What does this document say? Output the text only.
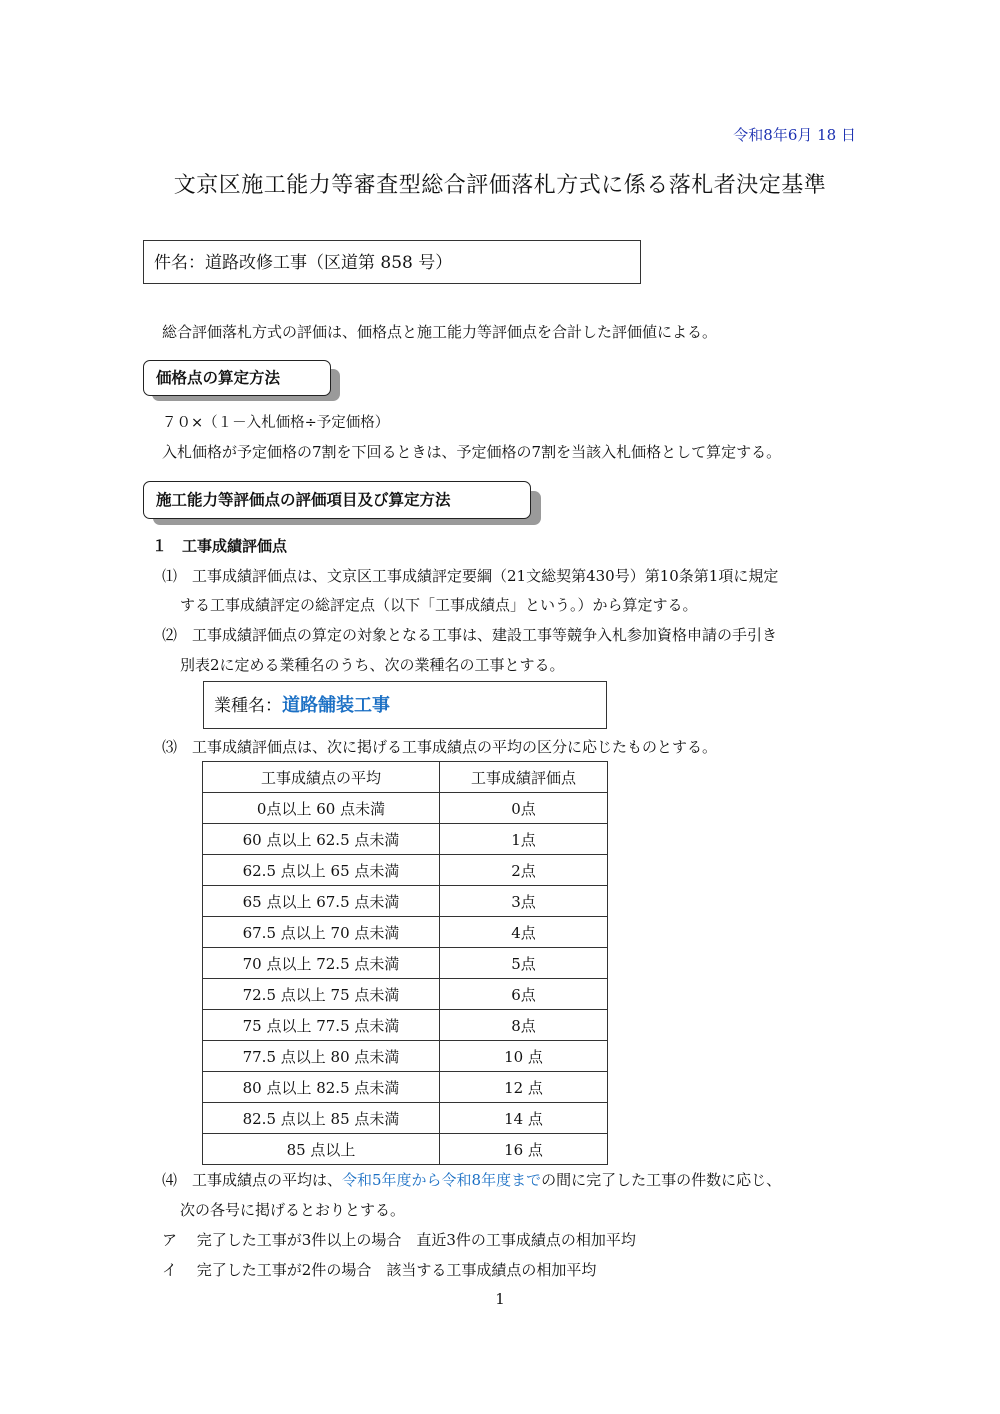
令和8年6月 18 日
文京区施工能力等審査型総合評価落札方式に係る落札者決定基準
件名：道路改修工事（区道第 858 号）
総合評価落札方式の評価は、価格点と施工能力等評価点を合計した評価値による。
価格点の算定方法
７０×（１－入札価格÷予定価格）
入札価格が予定価格の7割を下回るときは、予定価格の7割を当該入札価格として算定する。
施工能力等評価点の評価項目及び算定方法
１　工事成績評価点
⑴　工事成績評価点は、文京区工事成績評定要綱（21文総契第430号）第10条第1項に規定
する工事成績評定の総評定点（以下「工事成績点」という。）から算定する。
⑵　工事成績評価点の算定の対象となる工事は、建設工事等競争入札参加資格申請の手引き
別表2に定める業種名のうち、次の業種名の工事とする。
業種名：道路舗装工事
⑶　工事成績評価点は、次に掲げる工事成績点の平均の区分に応じたものとする。
工事成績点の平均	工事成績評価点
0点以上 60 点未満	0点
60 点以上 62.5 点未満	1点
62.5 点以上 65 点未満	2点
65 点以上 67.5 点未満	3点
67.5 点以上 70 点未満	4点
70 点以上 72.5 点未満	5点
72.5 点以上 75 点未満	6点
75 点以上 77.5 点未満	8点
77.5 点以上 80 点未満	10 点
80 点以上 82.5 点未満	12 点
82.5 点以上 85 点未満	14 点
85 点以上	16 点
⑷　工事成績点の平均は、令和5年度から令和8年度までの間に完了した工事の件数に応じ、
次の各号に掲げるとおりとする。
ア　 完了した工事が3件以上の場合　直近3件の工事成績点の相加平均
イ　 完了した工事が2件の場合　該当する工事成績点の相加平均
1
